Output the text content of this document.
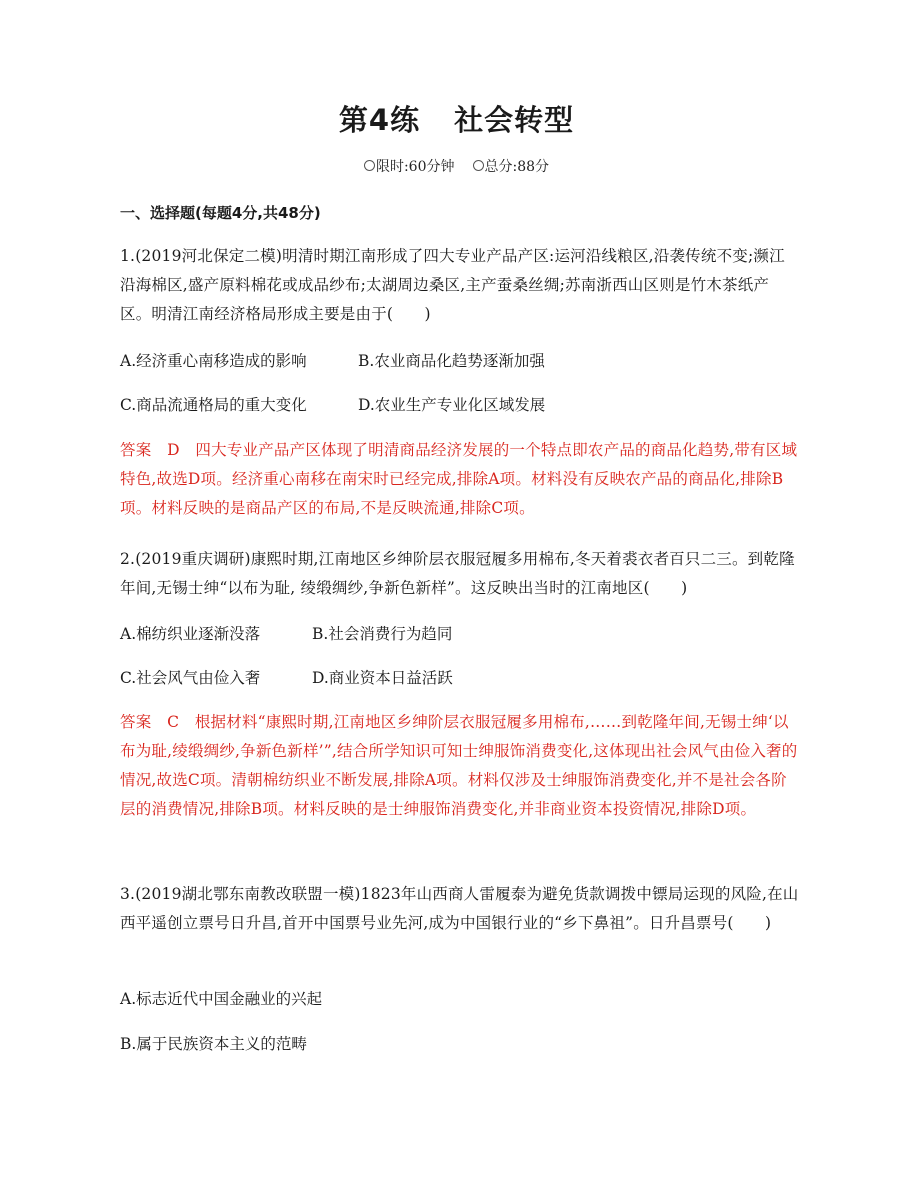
第4练 社会转型
限时:60分钟 总分:88分
一、选择题(每题4分,共48分)
1.(2019河北保定二模)明清时期江南形成了四大专业产品产区:运河沿线粮区,沿袭传统不变;濒江沿海棉区,盛产原料棉花或成品纱布;太湖周边桑区,主产蚕桑丝绸;苏南浙西山区则是竹木茶纸产区。明清江南经济格局形成主要是由于(　　)
A.经济重心南移造成的影响	B.农业商品化趋势逐渐加强
C.商品流通格局的重大变化	D.农业生产专业化区域发展
答案　D　四大专业产品产区体现了明清商品经济发展的一个特点即农产品的商品化趋势,带有区域特色,故选D项。经济重心南移在南宋时已经完成,排除A项。材料没有反映农产品的商品化,排除B项。材料反映的是商品产区的布局,不是反映流通,排除C项。
2.(2019重庆调研)康熙时期,江南地区乡绅阶层衣服冠履多用棉布,冬天着裘衣者百只二三。到乾隆年间,无锡士绅“以布为耻, 绫缎绸纱,争新色新样”。这反映出当时的江南地区(　　)
A.棉纺织业逐渐没落	B.社会消费行为趋同
C.社会风气由俭入奢	D.商业资本日益活跃
答案　C　根据材料“康熙时期,江南地区乡绅阶层衣服冠履多用棉布,……到乾隆年间,无锡士绅‘以布为耻,绫缎绸纱,争新色新样’”,结合所学知识可知士绅服饰消费变化,这体现出社会风气由俭入奢的情况,故选C项。清朝棉纺织业不断发展,排除A项。材料仅涉及士绅服饰消费变化,并不是社会各阶层的消费情况,排除B项。材料反映的是士绅服饰消费变化,并非商业资本投资情况,排除D项。
3.(2019湖北鄂东南教改联盟一模)1823年山西商人雷履泰为避免货款调拨中镖局运现的风险,在山西平遥创立票号日升昌,首开中国票号业先河,成为中国银行业的“乡下鼻祖”。日升昌票号(　　)
A.标志近代中国金融业的兴起
B.属于民族资本主义的范畴
